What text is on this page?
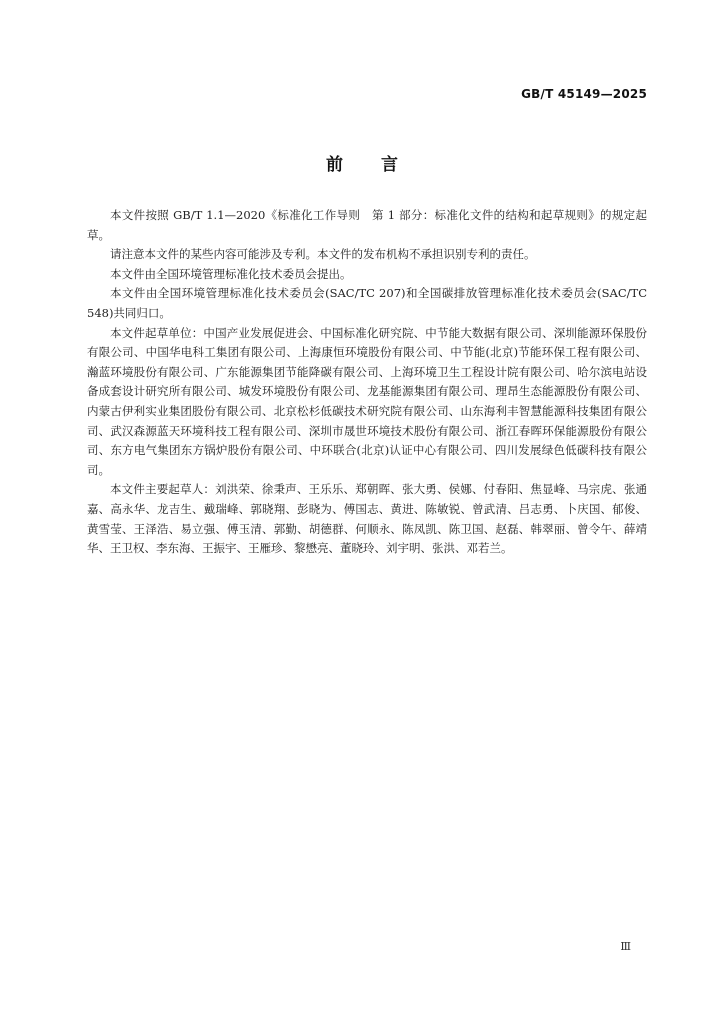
GB/T 45149—2025
前言

本文件按照 GB/T 1.1—2020《标准化工作导则　第 1 部分：标准化文件的结构和起草规则》的规定起草。

请注意本文件的某些内容可能涉及专利。本文件的发布机构不承担识别专利的责任。

本文件由全国环境管理标准化技术委员会提出。

本文件由全国环境管理标准化技术委员会(SAC/TC 207)和全国碳排放管理标准化技术委员会(SAC/TC 548)共同归口。

本文件起草单位：中国产业发展促进会、中国标准化研究院、中节能大数据有限公司、深圳能源环保股份有限公司、中国华电科工集团有限公司、上海康恒环境股份有限公司、中节能(北京)节能环保工程有限公司、瀚蓝环境股份有限公司、广东能源集团节能降碳有限公司、上海环境卫生工程设计院有限公司、哈尔滨电站设备成套设计研究所有限公司、城发环境股份有限公司、龙基能源集团有限公司、理昂生态能源股份有限公司、内蒙古伊利实业集团股份有限公司、北京松杉低碳技术研究院有限公司、山东海利丰智慧能源科技集团有限公司、武汉森源蓝天环境科技工程有限公司、深圳市晟世环境技术股份有限公司、浙江春晖环保能源股份有限公司、东方电气集团东方锅炉股份有限公司、中环联合(北京)认证中心有限公司、四川发展绿色低碳科技有限公司。

本文件主要起草人：刘洪荣、徐秉声、王乐乐、郑朝晖、张大勇、侯娜、付春阳、焦显峰、马宗虎、张通嘉、高永华、龙吉生、戴瑞峰、郭晓翔、彭晓为、傅国志、黄进、陈敏锐、曾武清、吕志勇、卜庆国、郁俊、黄雪莹、王泽浩、易立强、傅玉清、郭勤、胡德群、何顺永、陈凤凯、陈卫国、赵磊、韩翠丽、曾令午、薛靖华、王卫权、李东海、王振宇、王雁珍、黎懋亮、董晓玲、刘宇明、张洪、邓若兰。

Ⅲ
